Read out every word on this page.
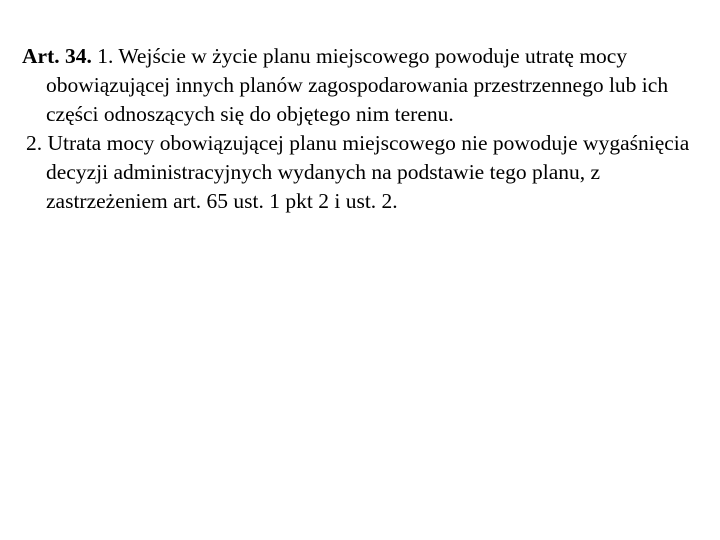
Art. 34. 1. Wejście w życie planu miejscowego powoduje utratę mocy obowiązującej innych planów zagospodarowania przestrzennego lub ich części odnoszących się do objętego nim terenu.

2. Utrata mocy obowiązującej planu miejscowego nie powoduje wygaśnięcia decyzji administracyjnych wydanych na podstawie tego planu, z zastrzeżeniem art. 65 ust. 1 pkt 2 i ust. 2.
